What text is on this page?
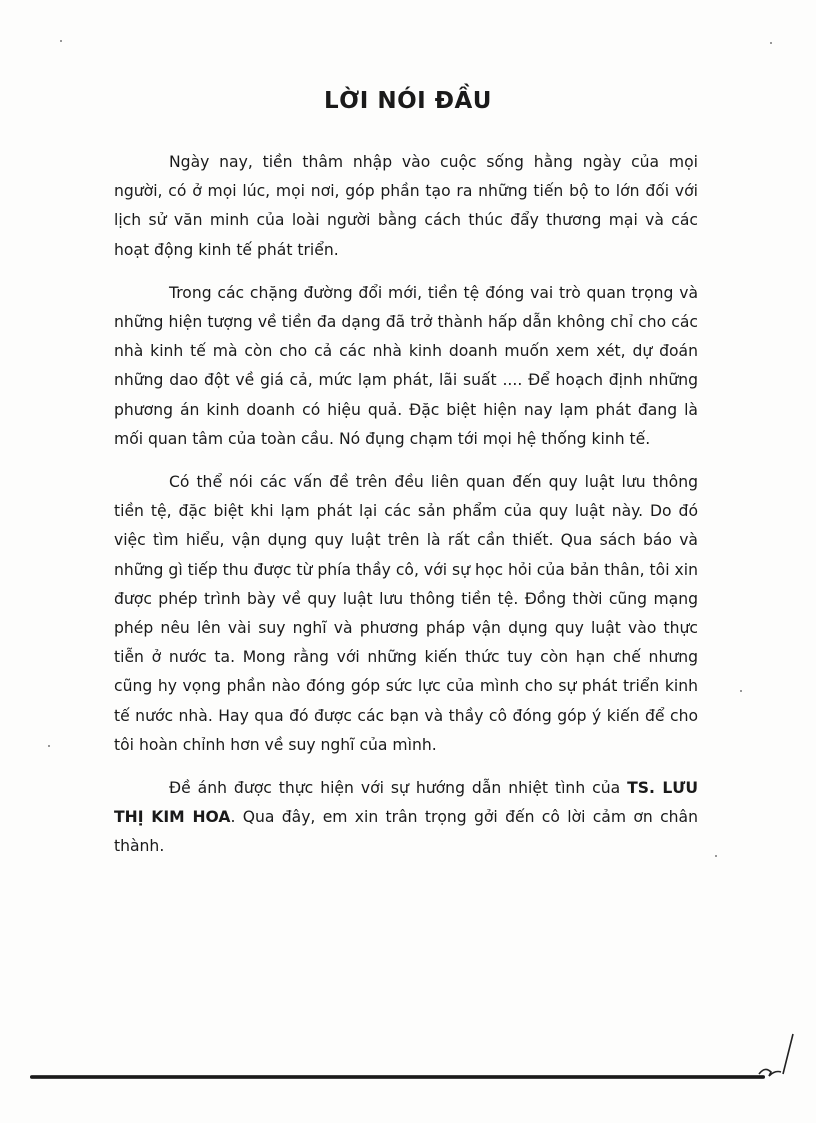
LỜI NÓI ĐẦU

Ngày nay, tiền thâm nhập vào cuộc sống hằng ngày của mọi người, có ở mọi lúc, mọi nơi, góp phần tạo ra những tiến bộ to lớn đối với lịch sử văn minh của loài người bằng cách thúc đẩy thương mại và các hoạt động kinh tế phát triển.

Trong các chặng đường đổi mới, tiền tệ đóng vai trò quan trọng và những hiện tượng về tiền đa dạng đã trở thành hấp dẫn không chỉ cho các nhà kinh tế mà còn cho cả các nhà kinh doanh muốn xem xét, dự đoán những dao đột về giá cả, mức lạm phát, lãi suất .... Để hoạch định những phương án kinh doanh có hiệu quả. Đặc biệt hiện nay lạm phát đang là mối quan tâm của toàn cầu. Nó đụng chạm tới mọi hệ thống kinh tế.

Có thể nói các vấn đề trên đều liên quan đến quy luật lưu thông tiền tệ, đặc biệt khi lạm phát lại các sản phẩm của quy luật này. Do đó việc tìm hiểu, vận dụng quy luật trên là rất cần thiết. Qua sách báo và những gì tiếp thu được từ phía thầy cô, với sự học hỏi của bản thân, tôi xin được phép trình bày về quy luật lưu thông tiền tệ. Đồng thời cũng mạng phép nêu lên vài suy nghĩ và phương pháp vận dụng quy luật vào thực tiễn ở nước ta. Mong rằng với những kiến thức tuy còn hạn chế nhưng cũng hy vọng phần nào đóng góp sức lực của mình cho sự phát triển kinh tế nước nhà. Hay qua đó được các bạn và thầy cô đóng góp ý kiến để cho tôi hoàn chỉnh hơn về suy nghĩ của mình.

Đề ánh được thực hiện với sự hướng dẫn nhiệt tình của TS. LƯU THỊ KIM HOA. Qua đây, em xin trân trọng gởi đến cô lời cảm ơn chân thành.
